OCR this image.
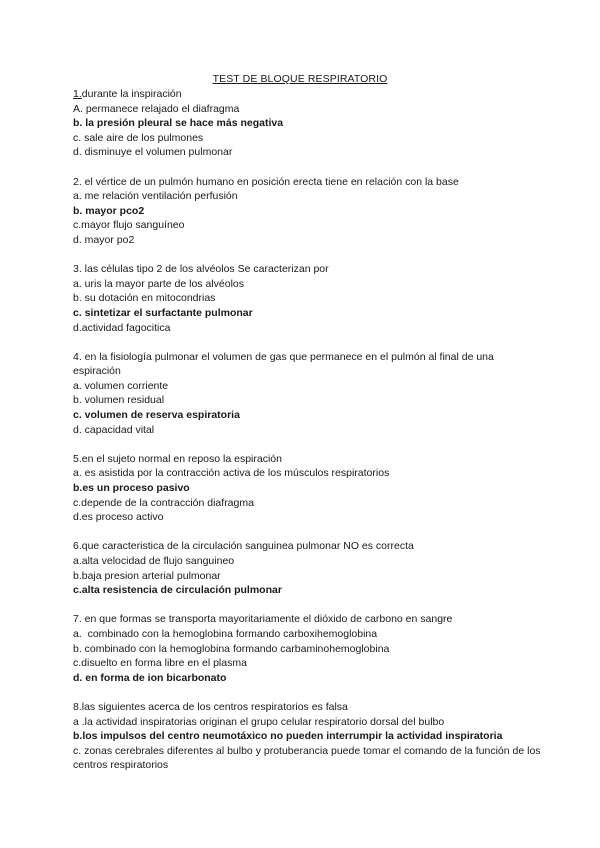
TEST DE BLOQUE RESPIRATORIO
1.durante la inspiración
A. permanece relajado el diafragma
b. la presión pleural se hace más negativa
c. sale aire de los pulmones
d. disminuye el volumen pulmonar
2. el vértice de un pulmón humano en posición erecta tiene en relación con la base
a. me relación ventilación perfusión
b. mayor pco2
c.mayor flujo sanguíneo
d. mayor po2
3. las células tipo 2 de los alvéolos Se caracterizan por
a. uris la mayor parte de los alvéolos
b. su dotación en mitocondrias
c. sintetizar el surfactante pulmonar
d.actividad fagocitica
4. en la fisiología pulmonar el volumen de gas que permanece en el pulmón al final de una espiración
a. volumen corriente
b. volumen residual
c. volumen de reserva espiratoria
d. capacidad vital
5.en el sujeto normal en reposo la espiración
a. es asistida por la contracción activa de los músculos respiratorios
b.es un proceso pasivo
c.depende de la contracción diafragma
d.es proceso activo
6.que caracteristica de la circulación sanguinea pulmonar NO es correcta
a.alta velocidad de flujo sanguineo
b.baja presion arterial pulmonar
c.alta resistencia de circulación pulmonar
7. en que formas se transporta mayoritariamente el dióxido de carbono en sangre
a.  combinado con la hemoglobina formando carboxihemoglobina
b. combinado con la hemoglobina formando carbaminohemoglobina
c.disuelto en forma libre en el plasma
d. en forma de ion bicarbonato
8.las siguientes acerca de los centros respiratorios es falsa
a .la actividad inspiratorias originan el grupo celular respiratorio dorsal del bulbo
b.los impulsos del centro neumotáxico no pueden interrumpir la actividad inspiratoria
c. zonas cerebrales diferentes al bulbo y protuberancia puede tomar el comando de la función de los centros respiratorios
